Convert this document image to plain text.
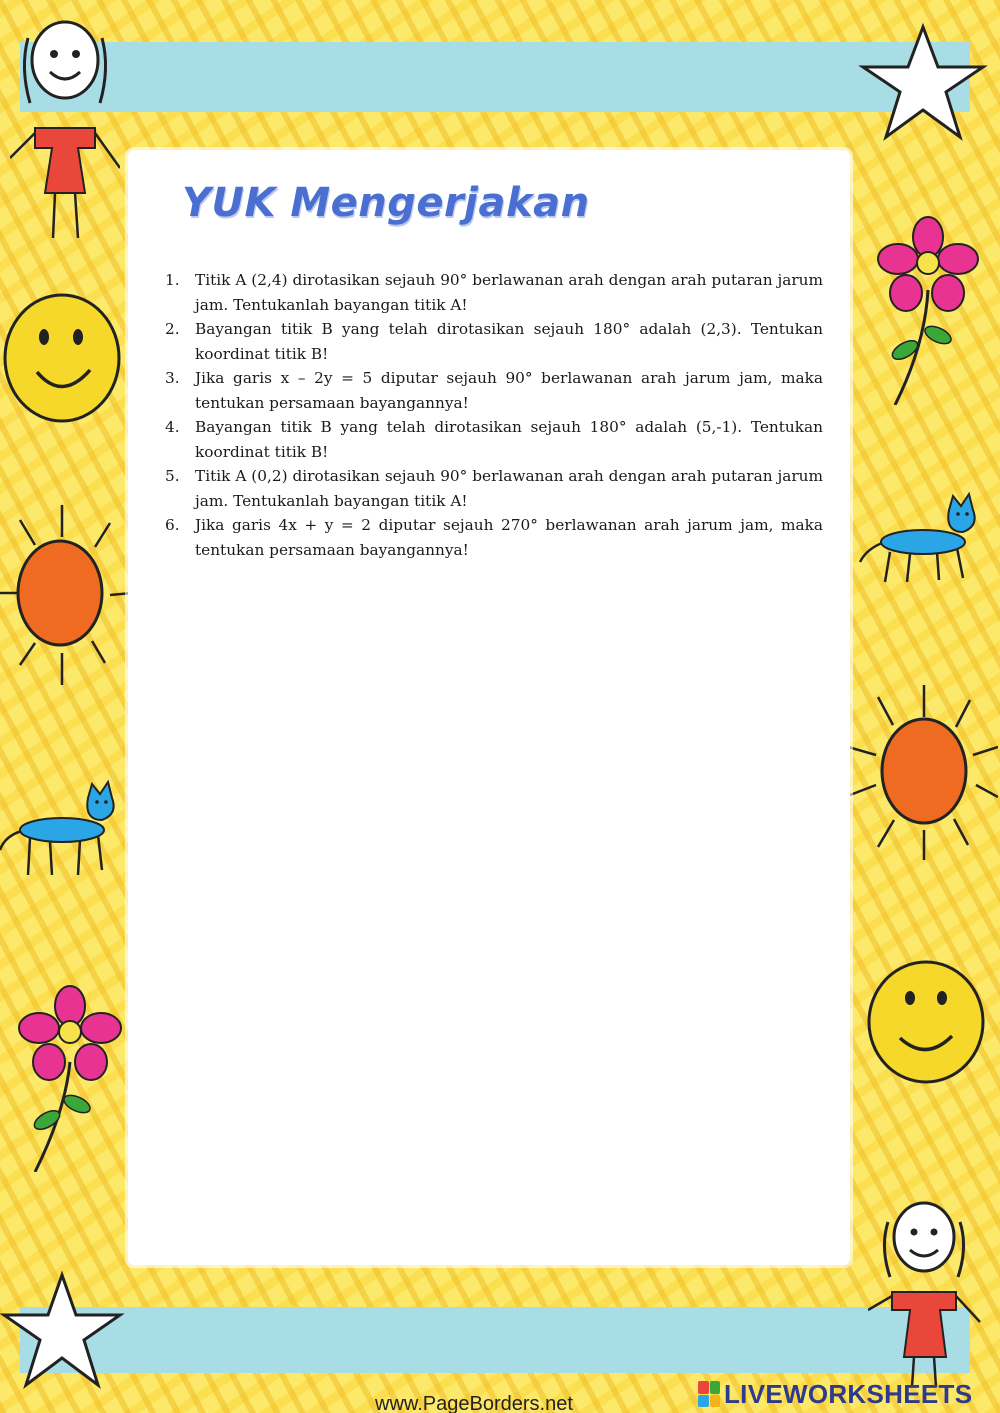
YUK Mengerjakan
1. Titik A (2,4) dirotasikan sejauh 90° berlawanan arah dengan arah putaran jarum jam. Tentukanlah bayangan titik A!
2. Bayangan titik B yang telah dirotasikan sejauh 180° adalah (2,3). Tentukan koordinat titik B!
3. Jika garis x – 2y = 5 diputar sejauh 90° berlawanan arah jarum jam, maka tentukan persamaan bayangannya!
4. Bayangan titik B yang telah dirotasikan sejauh 180° adalah (5,-1). Tentukan koordinat titik B!
5. Titik A (0,2) dirotasikan sejauh 90° berlawanan arah dengan arah putaran jarum jam. Tentukanlah bayangan titik A!
6. Jika garis 4x + y = 2 diputar sejauh 270° berlawanan arah jarum jam, maka tentukan persamaan bayangannya!
www.PageBorders.net	LIVEWORKSHEETS
